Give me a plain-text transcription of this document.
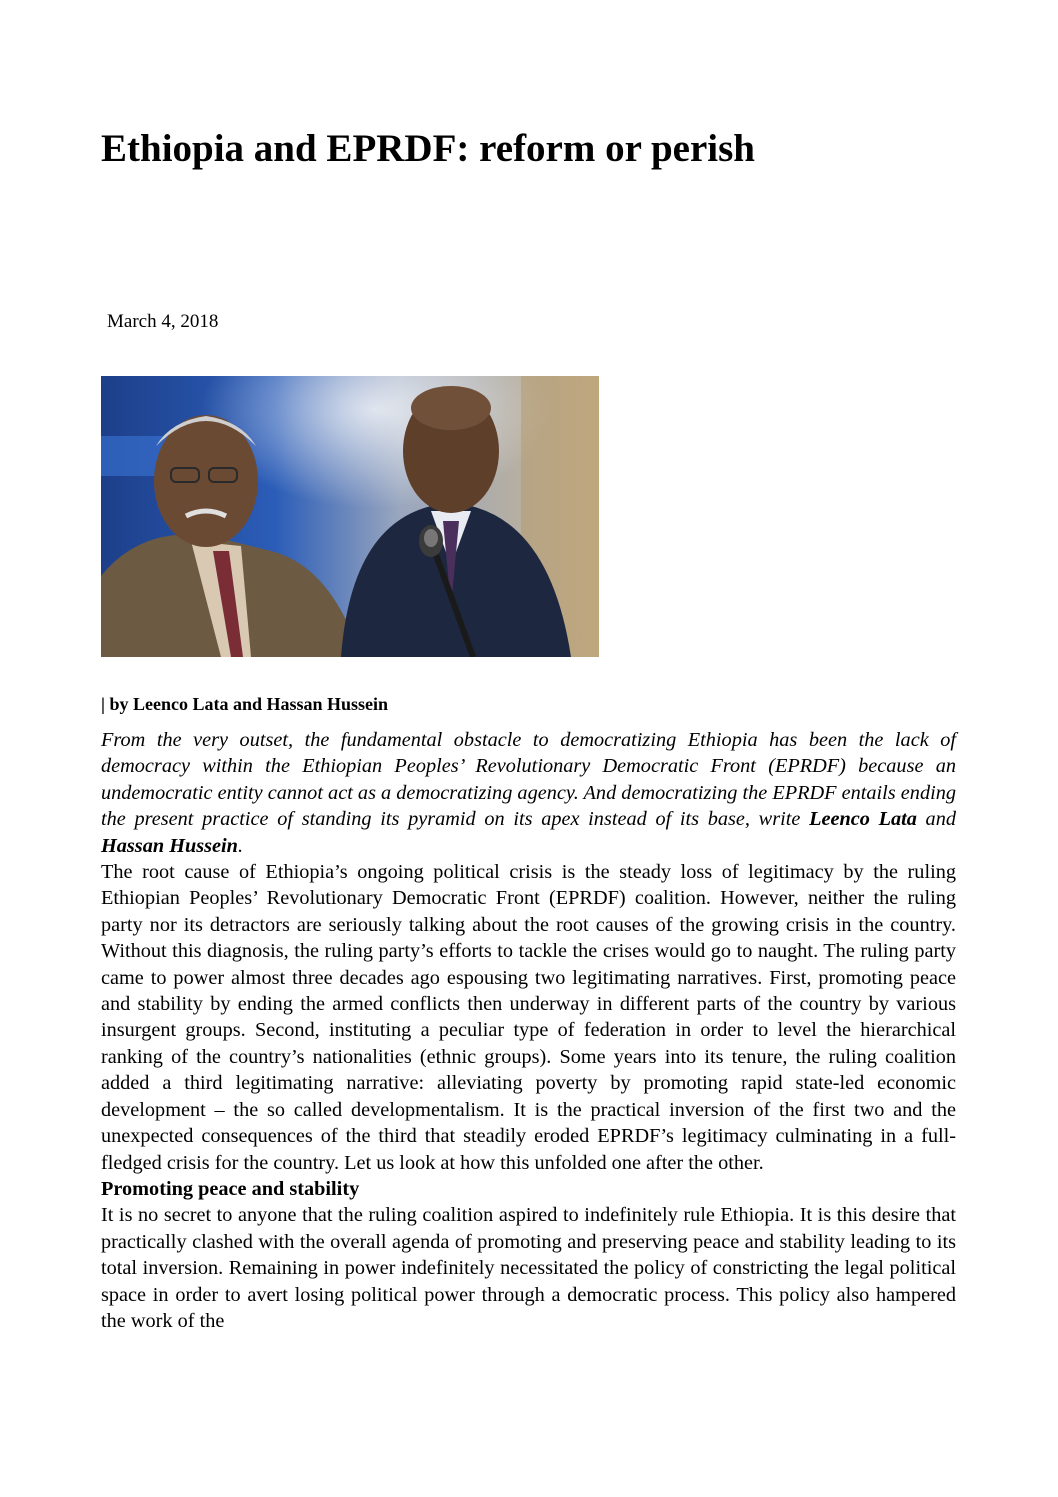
Ethiopia and EPRDF: reform or perish
March 4, 2018
| by Leenco Lata and Hassan Hussein

From the very outset, the fundamental obstacle to democratizing Ethiopia has been the lack of democracy within the Ethiopian Peoples’ Revolutionary Democratic Front (EPRDF) because an undemocratic entity cannot act as a democratizing agency. And democratizing the EPRDF entails ending the present practice of standing its pyramid on its apex instead of its base, write Leenco Lata and Hassan Hussein.

The root cause of Ethiopia’s ongoing political crisis is the steady loss of legitimacy by the ruling Ethiopian Peoples’ Revolutionary Democratic Front (EPRDF) coalition. However, neither the ruling party nor its detractors are seriously talking about the root causes of the growing crisis in the country. Without this diagnosis, the ruling party’s efforts to tackle the crises would go to naught. The ruling party came to power almost three decades ago espousing two legitimating narratives. First, promoting peace and stability by ending the armed conflicts then underway in different parts of the country by various insurgent groups. Second, instituting a peculiar type of federation in order to level the hierarchical ranking of the country’s nationalities (ethnic groups). Some years into its tenure, the ruling coalition added a third legitimating narrative: alleviating poverty by promoting rapid state-led economic development – the so called developmentalism. It is the practical inversion of the first two and the unexpected consequences of the third that steadily eroded EPRDF’s legitimacy culminating in a full-fledged crisis for the country. Let us look at how this unfolded one after the other.

Promoting peace and stability

It is no secret to anyone that the ruling coalition aspired to indefinitely rule Ethiopia. It is this desire that practically clashed with the overall agenda of promoting and preserving peace and stability leading to its total inversion. Remaining in power indefinitely necessitated the policy of constricting the legal political space in order to avert losing political power through a democratic process. This policy also hampered the work of the
